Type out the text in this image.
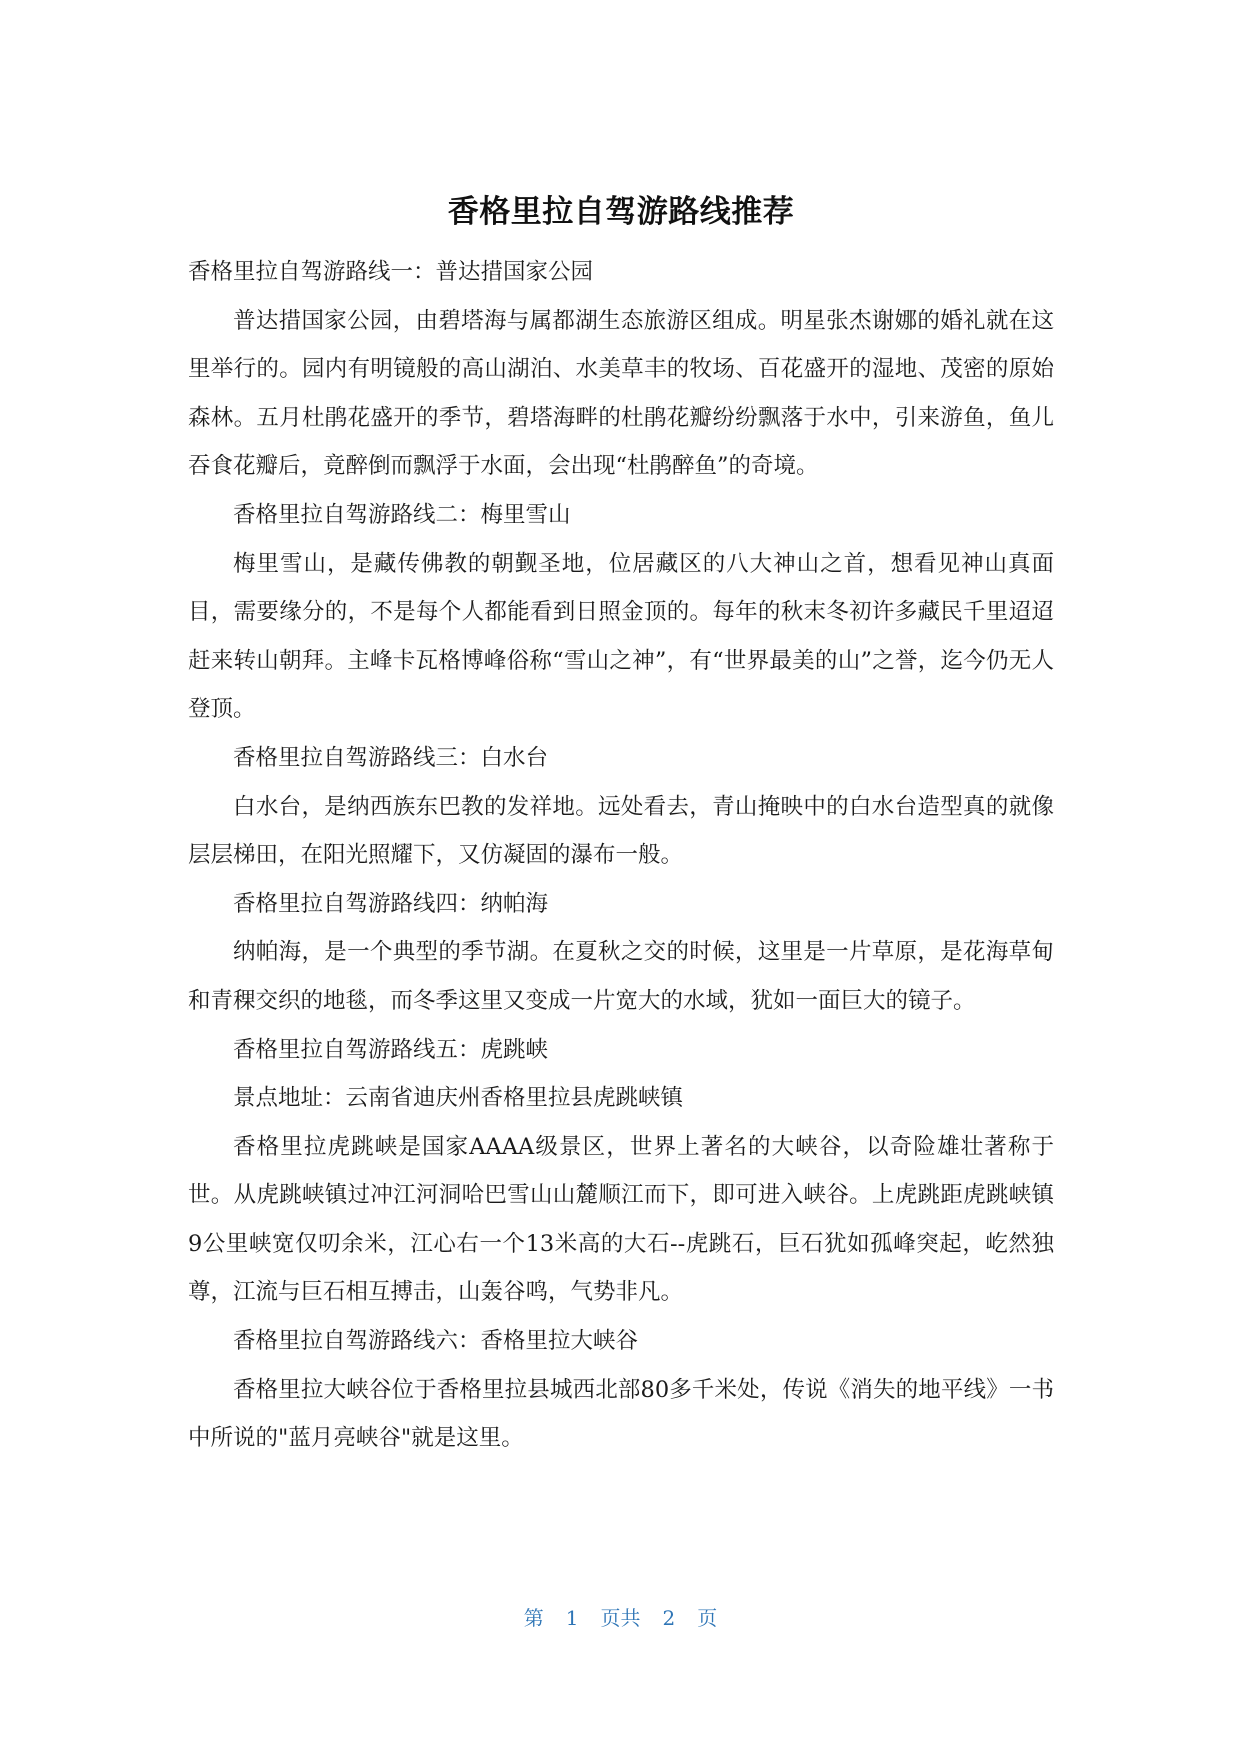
香格里拉自驾游路线推荐

香格里拉自驾游路线一：普达措国家公园

普达措国家公园，由碧塔海与属都湖生态旅游区组成。明星张杰谢娜的婚礼就在这里举行的。园内有明镜般的高山湖泊、水美草丰的牧场、百花盛开的湿地、茂密的原始森林。五月杜鹃花盛开的季节，碧塔海畔的杜鹃花瓣纷纷飘落于水中，引来游鱼，鱼儿吞食花瓣后，竟醉倒而飘浮于水面，会出现“杜鹃醉鱼”的奇境。

香格里拉自驾游路线二：梅里雪山

梅里雪山，是藏传佛教的朝觐圣地，位居藏区的八大神山之首，想看见神山真面目，需要缘分的，不是每个人都能看到日照金顶的。每年的秋末冬初许多藏民千里迢迢赶来转山朝拜。主峰卡瓦格博峰俗称“雪山之神”，有“世界最美的山”之誉，迄今仍无人登顶。

香格里拉自驾游路线三：白水台

白水台，是纳西族东巴教的发祥地。远处看去，青山掩映中的白水台造型真的就像层层梯田，在阳光照耀下，又仿凝固的瀑布一般。

香格里拉自驾游路线四：纳帕海

纳帕海，是一个典型的季节湖。在夏秋之交的时候，这里是一片草原，是花海草甸和青稞交织的地毯，而冬季这里又变成一片宽大的水域，犹如一面巨大的镜子。

香格里拉自驾游路线五：虎跳峡

景点地址：云南省迪庆州香格里拉县虎跳峡镇

香格里拉虎跳峡是国家AAAA级景区，世界上著名的大峡谷，以奇险雄壮著称于世。从虎跳峡镇过冲江河洞哈巴雪山山麓顺江而下，即可进入峡谷。上虎跳距虎跳峡镇9公里峡宽仅叨余米，江心右一个13米高的大石--虎跳石，巨石犹如孤峰突起，屹然独尊，江流与巨石相互搏击，山轰谷鸣，气势非凡。

香格里拉自驾游路线六：香格里拉大峡谷

香格里拉大峡谷位于香格里拉县城西北部80多千米处，传说《消失的地平线》一书中所说的"蓝月亮峡谷"就是这里。

第 1 页共 2 页
